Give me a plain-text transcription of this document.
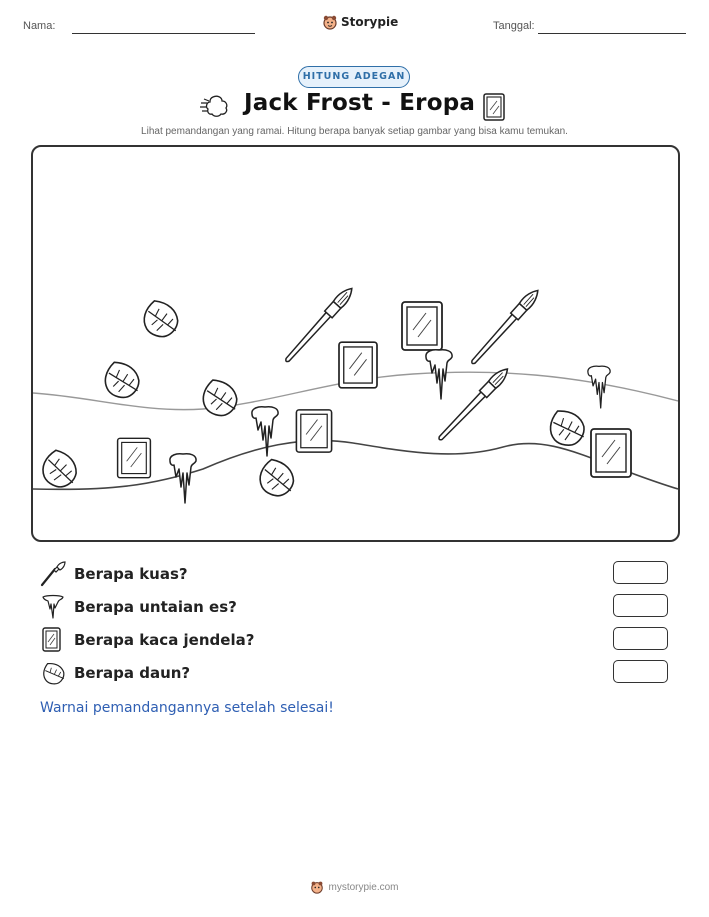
Nama:	Storypie	Tanggal:
HITUNG ADEGAN
Jack Frost - Eropa
Lihat pemandangan yang ramai. Hitung berapa banyak setiap gambar yang bisa kamu temukan.
Berapa kuas?
Berapa untaian es?
Berapa kaca jendela?
Berapa daun?
Warnai pemandangannya setelah selesai!
mystorypie.com
